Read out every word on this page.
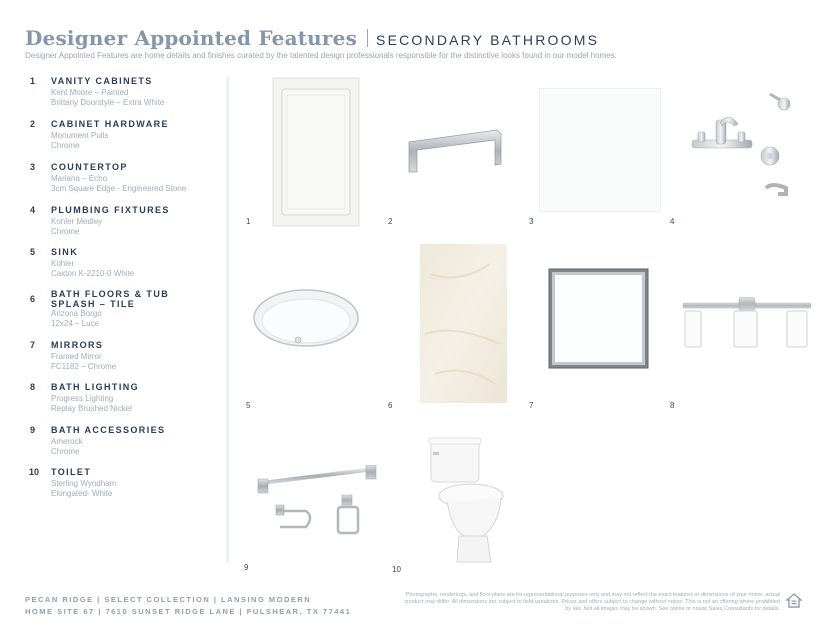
Designer Appointed Features SECONDARY BATHROOMS
Designer Appointed Features are home details and finishes curated by the talented design professionals responsible for the distinctive looks found in our model homes.
1 VANITY CABINETS
Kent Moore – Painted
Brittany Doorstyle – Extra White
2 CABINET HARDWARE
Monument Pulls
Chrome
3 COUNTERTOP
Mariana – Echo
3cm Square Edge - Engineered Stone
4 PLUMBING FIXTURES
Kohler Medley
Chrome
5 SINK
Kohler
Caxton K-2210-0 White
6 BATH FLOORS & TUB SPLASH – TILE
Arizona Borgo
12x24 – Luce
7 MIRRORS
Framed Mirror
FC1182 – Chrome
8 BATH LIGHTING
Progress Lighting
Replay Brushed Nickel
9 BATH ACCESSORIES
Amerock
Chrome
10 TOILET
Sterling Wyndham
Elongated- White
1	2	3	4
5	6	7	8
9	10
PECAN RIDGE | SELECT COLLECTION | LANSING MODERN
HOME SITE 67 | 7610 SUNSET RIDGE LANE | FULSHEAR, TX 77441
Photographs, renderings, and floor plans are for representational purposes only and may not reflect the exact features or dimensions of your home; actual product may differ. All dimensions are subject to field variations. Prices and offers subject to change without notice. This is not an offering where prohibited by law. Not all images may be shown. See online or onsite Sales Consultants for details.
